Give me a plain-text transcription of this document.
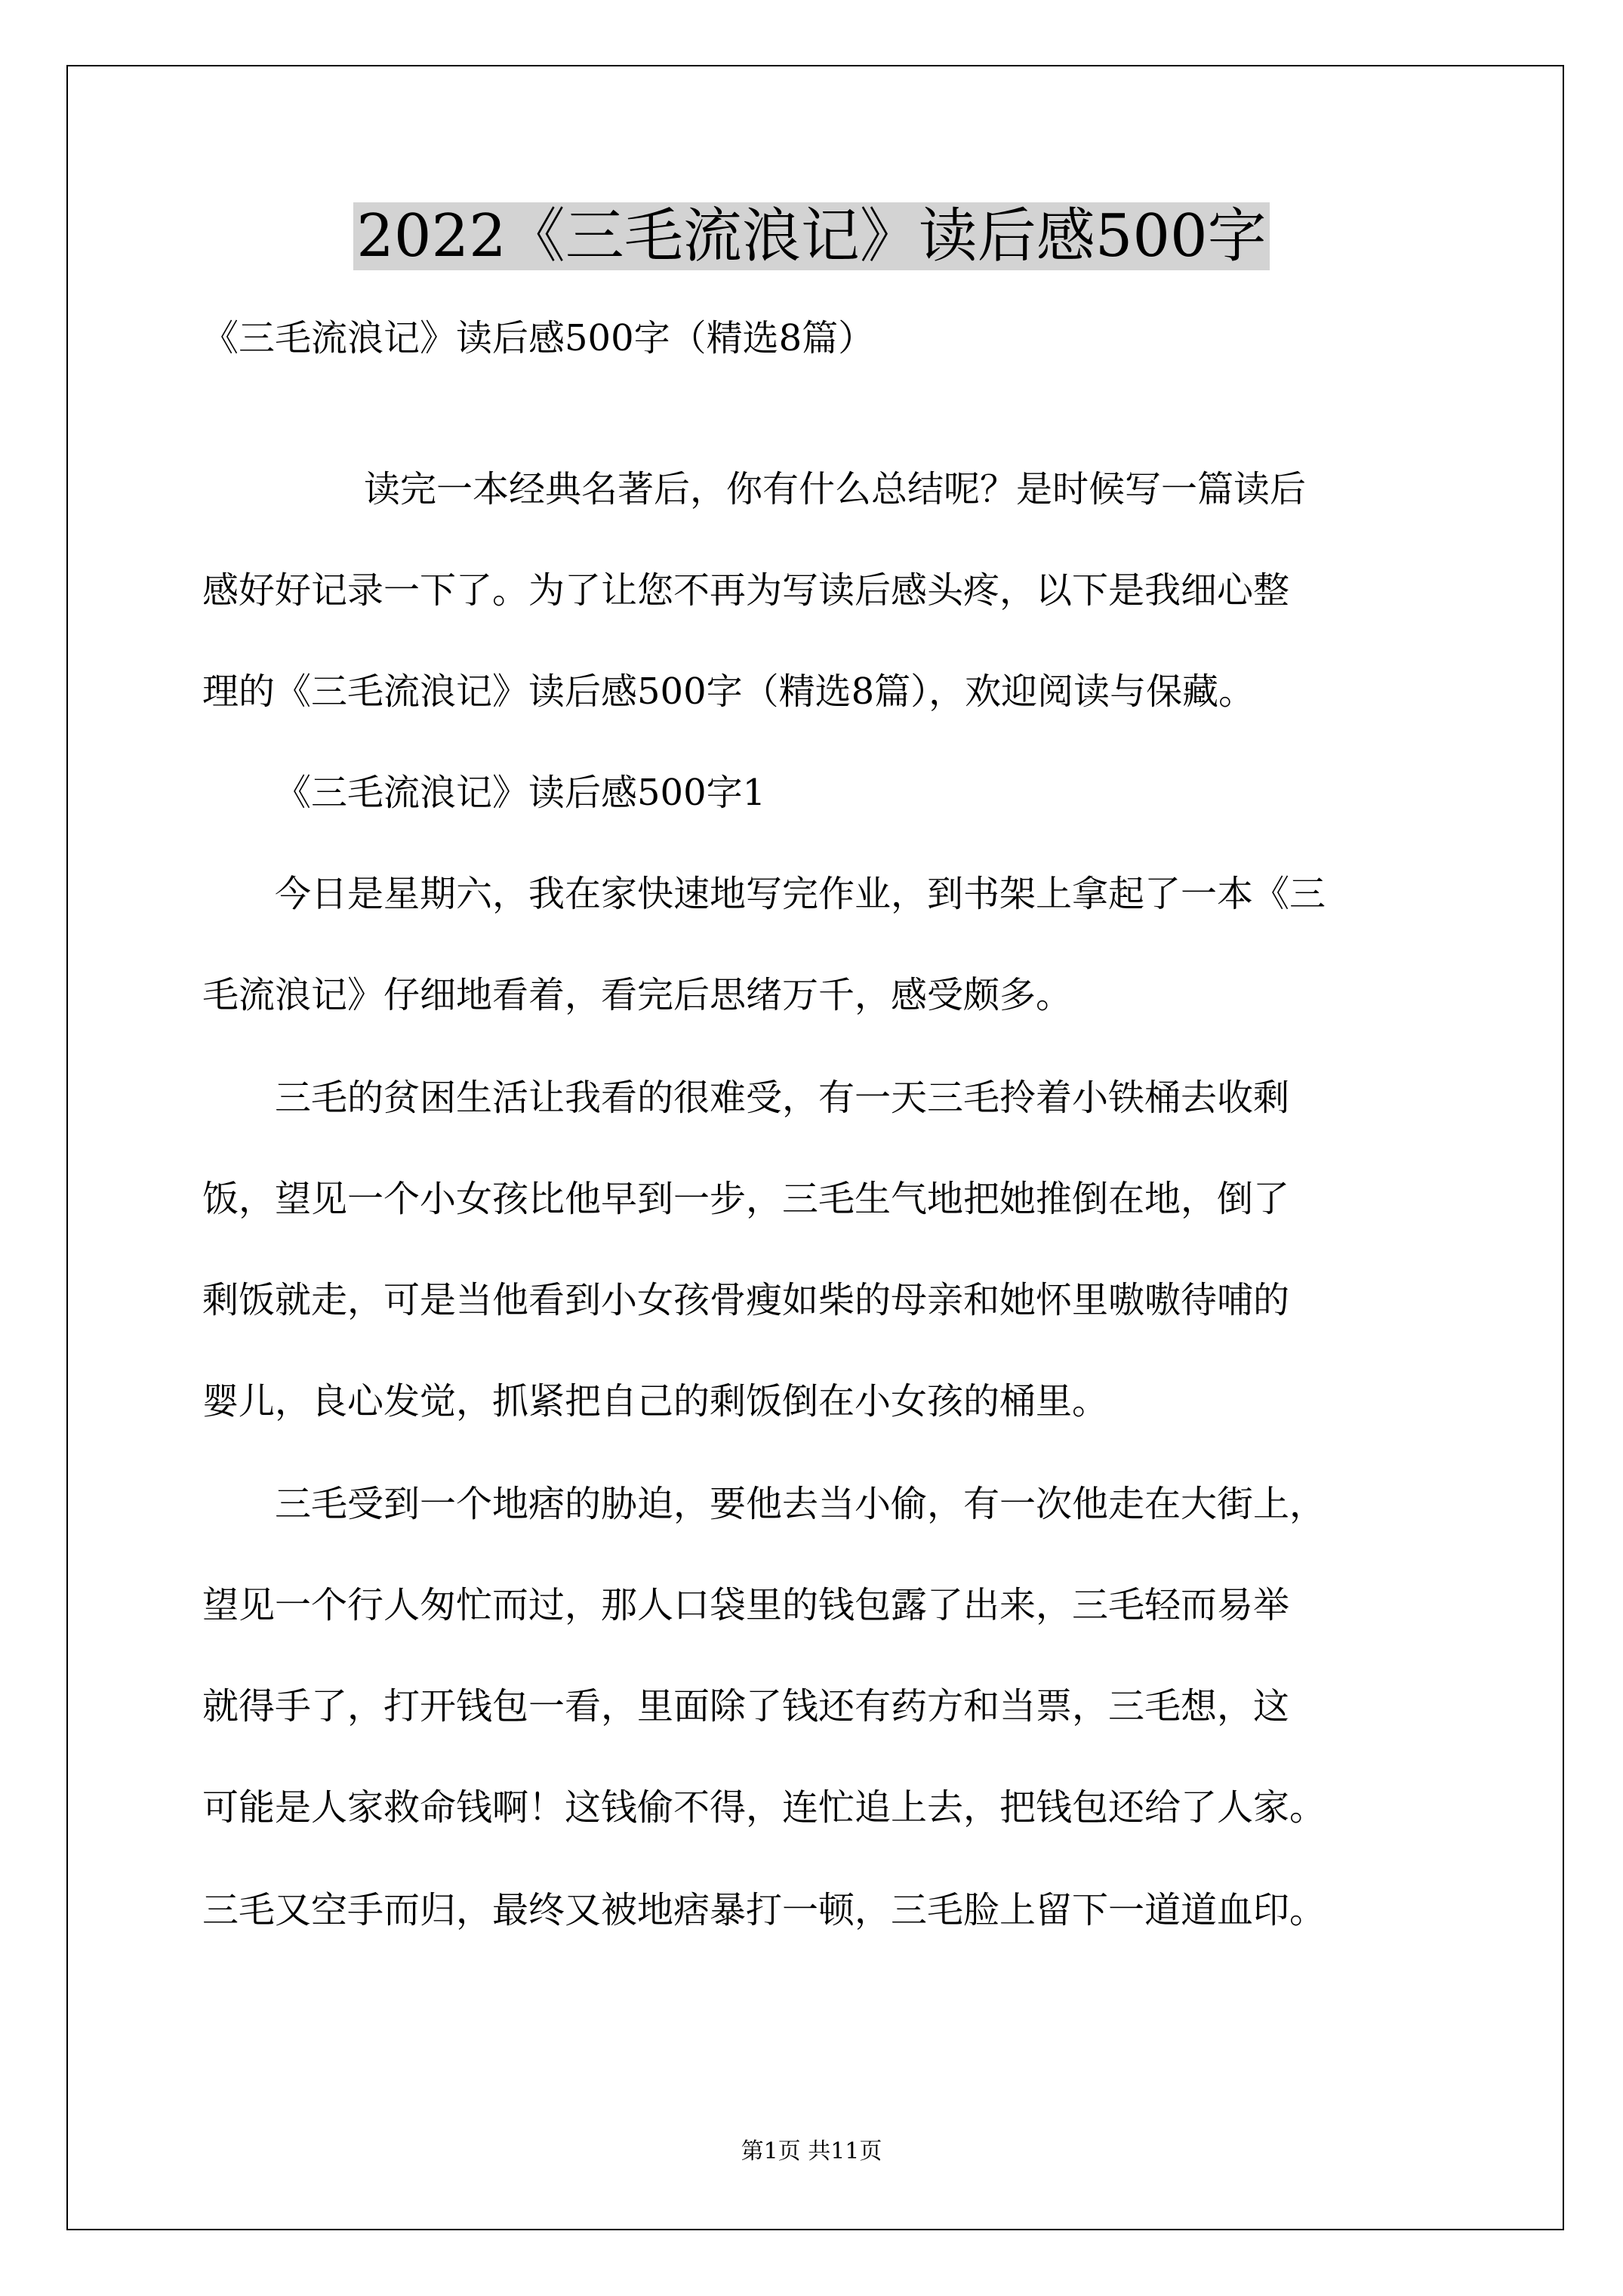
2022《三毛流浪记》读后感500字
《三毛流浪记》读后感500字（精选8篇）
读完一本经典名著后，你有什么总结呢？是时候写一篇读后
感好好记录一下了。为了让您不再为写读后感头疼，以下是我细心整
理的《三毛流浪记》读后感500字（精选8篇），欢迎阅读与保藏。
《三毛流浪记》读后感500字1
今日是星期六，我在家快速地写完作业，到书架上拿起了一本《三
毛流浪记》仔细地看着，看完后思绪万千，感受颇多。
三毛的贫困生活让我看的很难受，有一天三毛拎着小铁桶去收剩
饭，望见一个小女孩比他早到一步，三毛生气地把她推倒在地，倒了
剩饭就走，可是当他看到小女孩骨瘦如柴的母亲和她怀里嗷嗷待哺的
婴儿，良心发觉，抓紧把自己的剩饭倒在小女孩的桶里。
三毛受到一个地痞的胁迫，要他去当小偷，有一次他走在大街上，
望见一个行人匆忙而过，那人口袋里的钱包露了出来，三毛轻而易举
就得手了，打开钱包一看，里面除了钱还有药方和当票，三毛想，这
可能是人家救命钱啊！这钱偷不得，连忙追上去，把钱包还给了人家。
三毛又空手而归，最终又被地痞暴打一顿，三毛脸上留下一道道血印。
第1页 共11页
